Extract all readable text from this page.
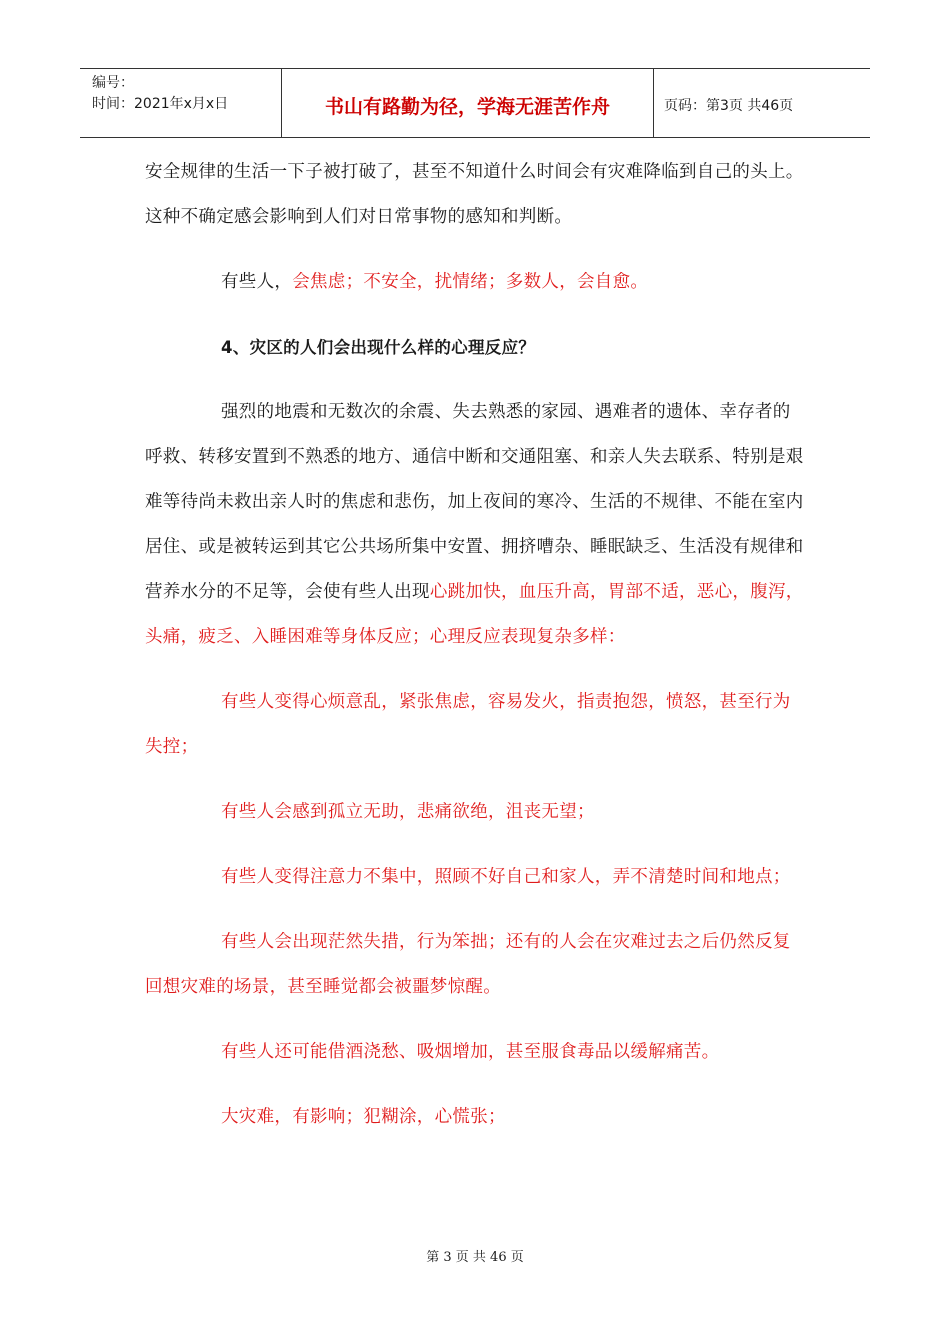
编号：
时间：2021年x月x日	书山有路勤为径，学海无涯苦作舟	页码：第3页 共46页

安全规律的生活一下子被打破了，甚至不知道什么时间会有灾难降临到自己的头上。这种不确定感会影响到人们对日常事物的感知和判断。

有些人，会焦虑；不安全，扰情绪；多数人，会自愈。

4、灾区的人们会出现什么样的心理反应？

强烈的地震和无数次的余震、失去熟悉的家园、遇难者的遗体、幸存者的呼救、转移安置到不熟悉的地方、通信中断和交通阻塞、和亲人失去联系、特别是艰难等待尚未救出亲人时的焦虑和悲伤，加上夜间的寒冷、生活的不规律、不能在室内居住、或是被转运到其它公共场所集中安置、拥挤嘈杂、睡眠缺乏、生活没有规律和营养水分的不足等，会使有些人出现心跳加快，血压升高，胃部不适，恶心，腹泻，头痛，疲乏、入睡困难等身体反应；心理反应表现复杂多样：

有些人变得心烦意乱，紧张焦虑，容易发火，指责抱怨，愤怒，甚至行为失控；

有些人会感到孤立无助，悲痛欲绝，沮丧无望；

有些人变得注意力不集中，照顾不好自己和家人，弄不清楚时间和地点；

有些人会出现茫然失措，行为笨拙；还有的人会在灾难过去之后仍然反复回想灾难的场景，甚至睡觉都会被噩梦惊醒。

有些人还可能借酒浇愁、吸烟增加，甚至服食毒品以缓解痛苦。

大灾难，有影响；犯糊涂，心慌张；

第 3 页 共 46 页
